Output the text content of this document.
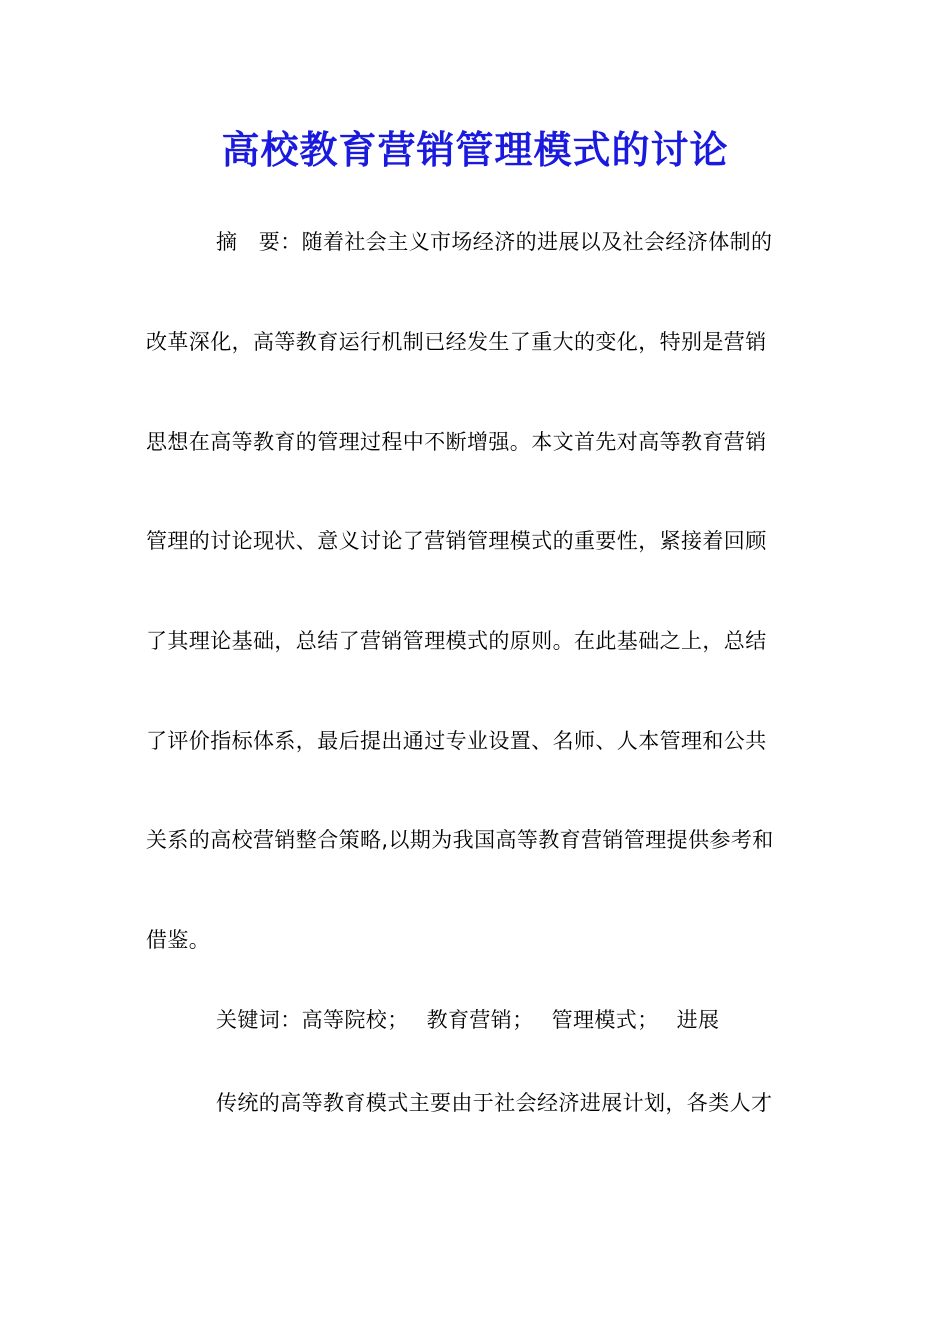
高校教育营销管理模式的讨论
摘　要：随着社会主义市场经济的进展以及社会经济体制的
改革深化，高等教育运行机制已经发生了重大的变化，特别是营销
思想在高等教育的管理过程中不断增强。本文首先对高等教育营销
管理的讨论现状、意义讨论了营销管理模式的重要性，紧接着回顾
了其理论基础，总结了营销管理模式的原则。在此基础之上，总结
了评价指标体系，最后提出通过专业设置、名师、人本管理和公共
关系的高校营销整合策略,以期为我国高等教育营销管理提供参考和
借鉴。
关键词：高等院校； 教育营销； 管理模式； 进展
传统的高等教育模式主要由于社会经济进展计划，各类人才
